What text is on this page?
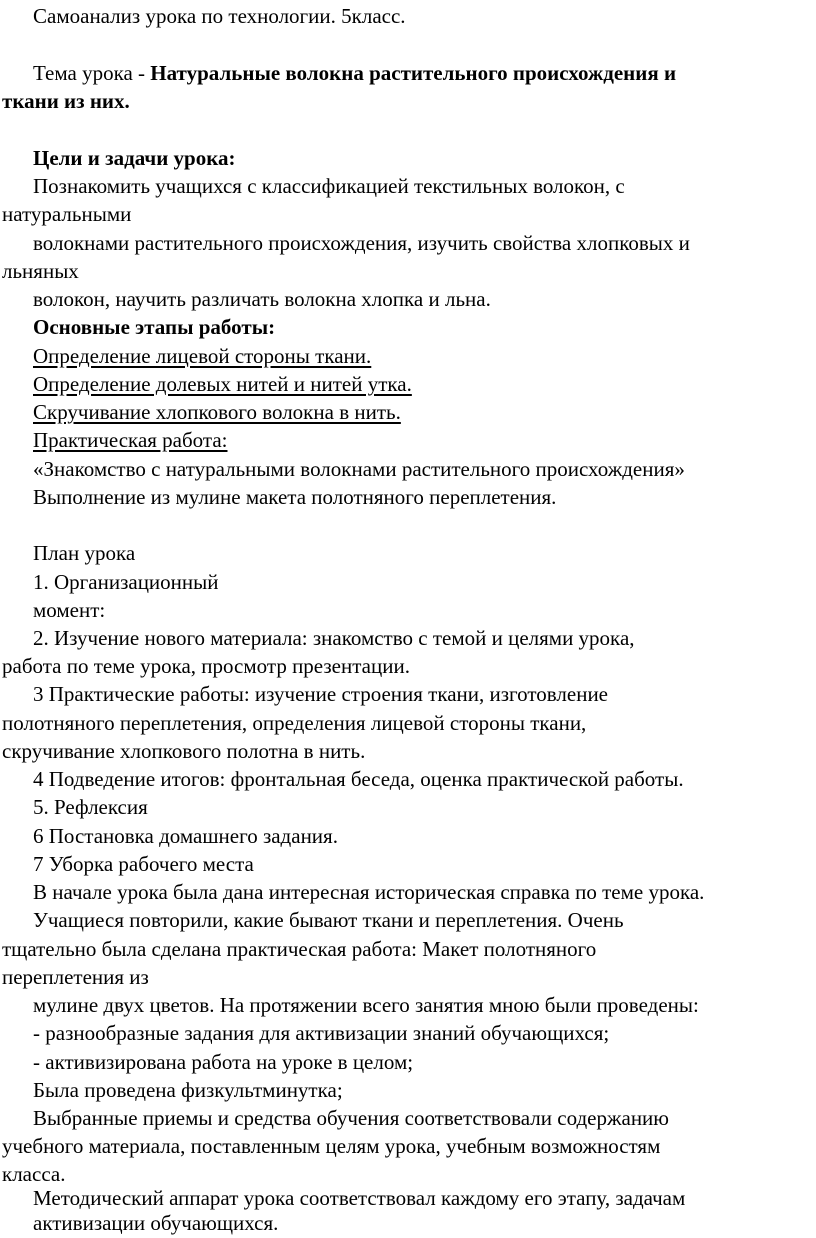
Самоанализ урока по технологии. 5класс.
Тема урока - Натуральные волокна растительного происхождения и
ткани из них.
Цели и задачи урока:
Познакомить учащихся с классификацией текстильных волокон, с
натуральными
волокнами растительного происхождения, изучить свойства хлопковых и
льняных
волокон, научить различать волокна хлопка и льна.
Основные этапы работы:
Определение лицевой стороны ткани.
Определение долевых нитей и нитей утка.
Скручивание хлопкового волокна в нить.
Практическая работа:
«Знакомство с натуральными волокнами растительного происхождения»
Выполнение из мулине макета полотняного переплетения.
План урока
1. Организационный
момент:
2. Изучение нового материала: знакомство с темой и целями урока,
работа по теме урока, просмотр презентации.
3 Практические работы: изучение строения ткани, изготовление
полотняного переплетения, определения лицевой стороны ткани,
скручивание хлопкового полотна в нить.
4 Подведение итогов: фронтальная беседа, оценка практической работы.
5. Рефлексия
6 Постановка домашнего задания.
7 Уборка рабочего места
В начале урока была дана интересная историческая справка по теме урока.
Учащиеся повторили, какие бывают ткани и переплетения. Очень
тщательно была сделана практическая работа: Макет полотняного
переплетения из
мулине двух цветов. На протяжении всего занятия мною были проведены:
- разнообразные задания для активизации знаний обучающихся;
- активизирована работа на уроке в целом;
Была проведена физкультминутка;
Выбранные приемы и средства обучения соответствовали содержанию
учебного материала, поставленным целям урока, учебным возможностям
класса.
Методический аппарат урока соответствовал каждому его этапу, задачам
активизации обучающихся.
